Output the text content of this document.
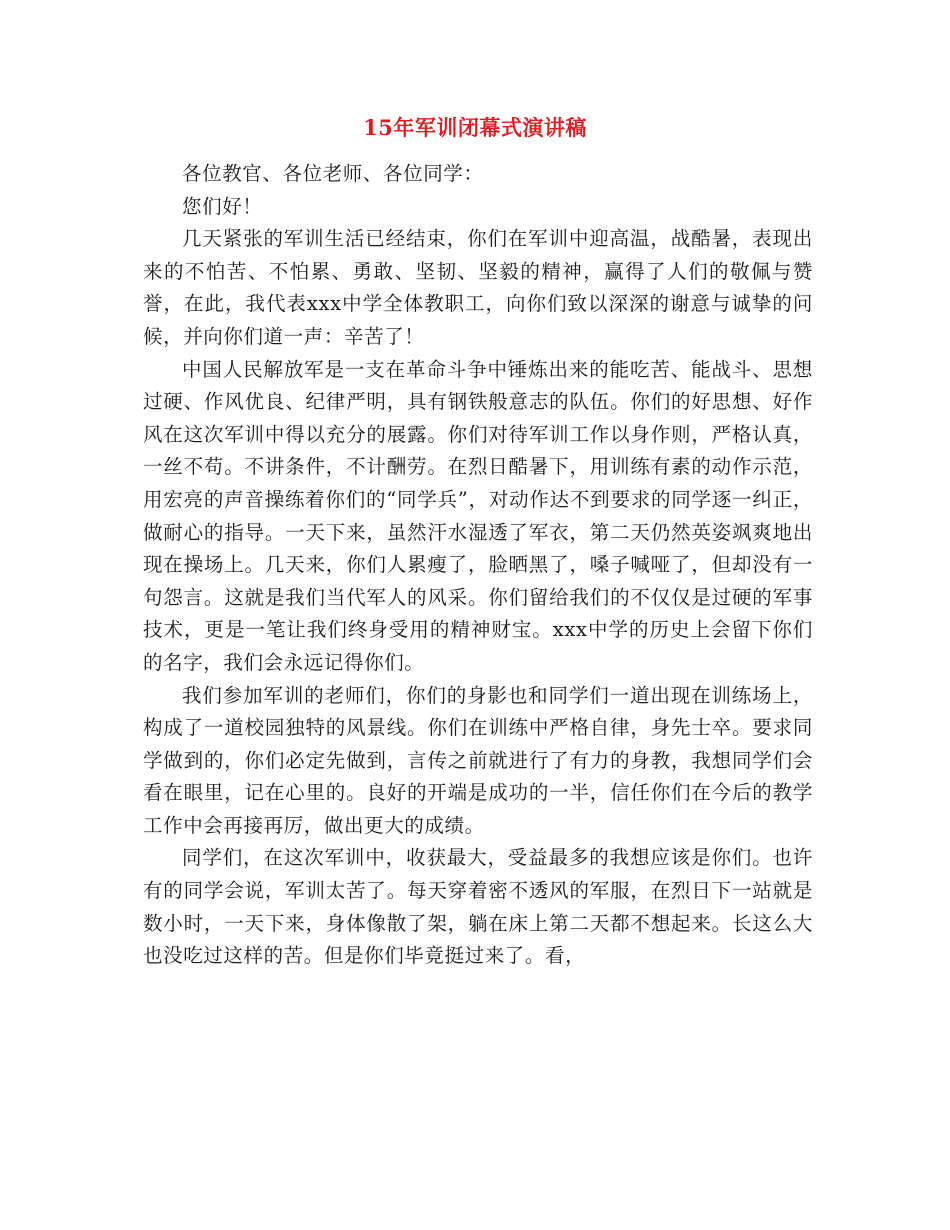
15年军训闭幕式演讲稿

各位教官、各位老师、各位同学：

您们好！

几天紧张的军训生活已经结束，你们在军训中迎高温，战酷暑，表现出来的不怕苦、不怕累、勇敢、坚韧、坚毅的精神，赢得了人们的敬佩与赞誉，在此，我代表xxx中学全体教职工，向你们致以深深的谢意与诚挚的问候，并向你们道一声：辛苦了！

中国人民解放军是一支在革命斗争中锤炼出来的能吃苦、能战斗、思想过硬、作风优良、纪律严明，具有钢铁般意志的队伍。你们的好思想、好作风在这次军训中得以充分的展露。你们对待军训工作以身作则，严格认真，一丝不苟。不讲条件，不计酬劳。在烈日酷暑下，用训练有素的动作示范，用宏亮的声音操练着你们的“同学兵”，对动作达不到要求的同学逐一纠正，做耐心的指导。一天下来，虽然汗水湿透了军衣，第二天仍然英姿飒爽地出现在操场上。几天来，你们人累瘦了，脸晒黑了，嗓子喊哑了，但却没有一句怨言。这就是我们当代军人的风采。你们留给我们的不仅仅是过硬的军事技术，更是一笔让我们终身受用的精神财宝。xxx中学的历史上会留下你们的名字，我们会永远记得你们。

我们参加军训的老师们，你们的身影也和同学们一道出现在训练场上，构成了一道校园独特的风景线。你们在训练中严格自律，身先士卒。要求同学做到的，你们必定先做到，言传之前就进行了有力的身教，我想同学们会看在眼里，记在心里的。良好的开端是成功的一半，信任你们在今后的教学工作中会再接再厉，做出更大的成绩。

同学们，在这次军训中，收获最大，受益最多的我想应该是你们。也许有的同学会说，军训太苦了。每天穿着密不透风的军服，在烈日下一站就是数小时，一天下来，身体像散了架，躺在床上第二天都不想起来。长这么大也没吃过这样的苦。但是你们毕竟挺过来了。看，
